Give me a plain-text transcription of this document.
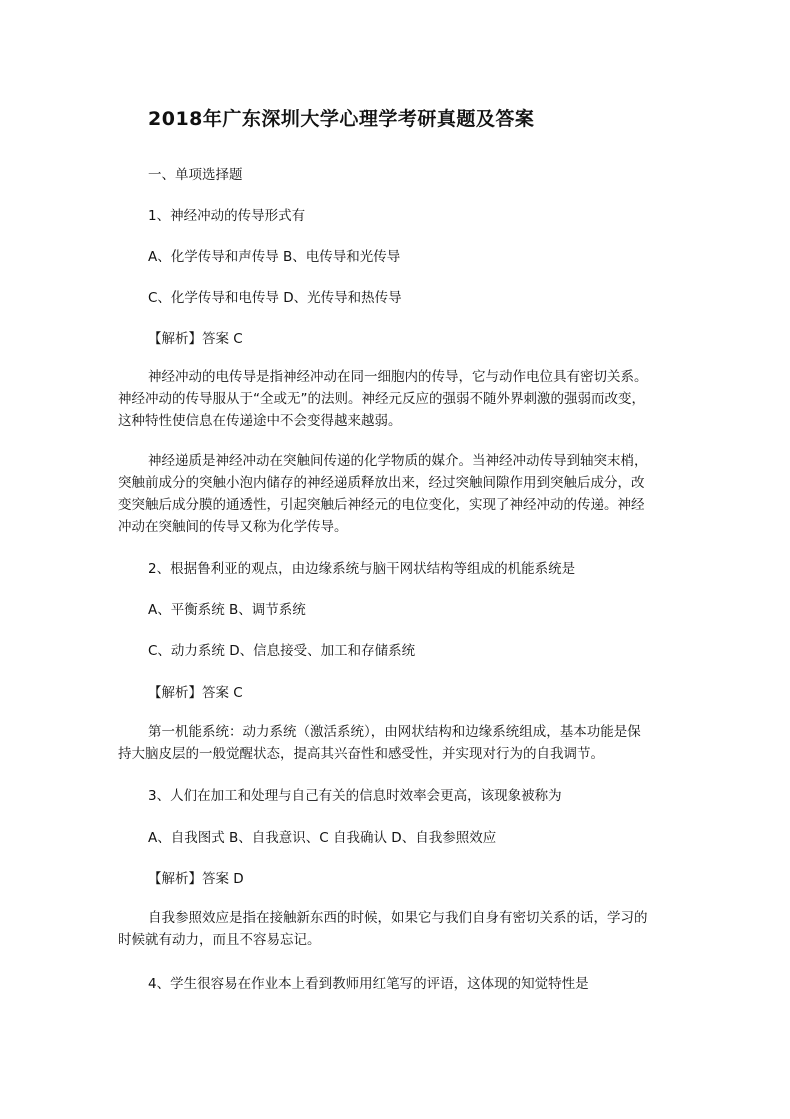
2018年广东深圳大学心理学考研真题及答案
一、单项选择题
1、神经冲动的传导形式有
A、化学传导和声传导 B、电传导和光传导
C、化学传导和电传导 D、光传导和热传导
【解析】答案 C
神经冲动的电传导是指神经冲动在同一细胞内的传导，它与动作电位具有密切关系。
神经冲动的传导服从于“全或无”的法则。神经元反应的强弱不随外界刺激的强弱而改变，
这种特性使信息在传递途中不会变得越来越弱。
神经递质是神经冲动在突触间传递的化学物质的媒介。当神经冲动传导到轴突末梢，
突触前成分的突触小泡内储存的神经递质释放出来，经过突触间隙作用到突触后成分，改
变突触后成分膜的通透性，引起突触后神经元的电位变化，实现了神经冲动的传递。神经
冲动在突触间的传导又称为化学传导。
2、根据鲁利亚的观点，由边缘系统与脑干网状结构等组成的机能系统是
A、平衡系统 B、调节系统
C、动力系统 D、信息接受、加工和存储系统
【解析】答案 C
第一机能系统：动力系统（激活系统），由网状结构和边缘系统组成，基本功能是保
持大脑皮层的一般觉醒状态，提高其兴奋性和感受性，并实现对行为的自我调节。
3、人们在加工和处理与自己有关的信息时效率会更高，该现象被称为
A、自我图式 B、自我意识、C 自我确认 D、自我参照效应
【解析】答案 D
自我参照效应是指在接触新东西的时候，如果它与我们自身有密切关系的话，学习的
时候就有动力，而且不容易忘记。
4、学生很容易在作业本上看到教师用红笔写的评语，这体现的知觉特性是
